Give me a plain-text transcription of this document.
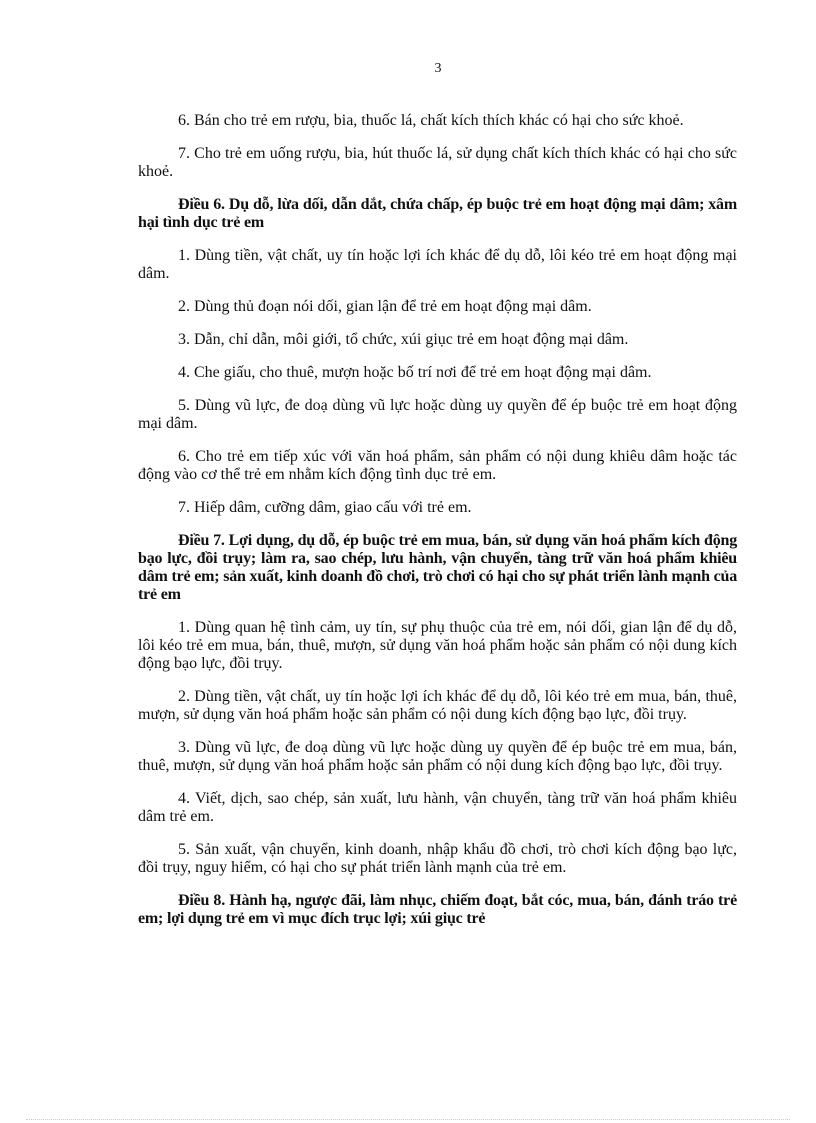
3

6. Bán cho trẻ em rượu, bia, thuốc lá, chất kích thích khác có hại cho sức khoẻ.

7. Cho trẻ em uống rượu, bia, hút thuốc lá, sử dụng chất kích thích khác có hại cho sức khoẻ.

Điều 6. Dụ dỗ, lừa dối, dẫn dắt, chứa chấp, ép buộc trẻ em hoạt động mại dâm; xâm hại tình dục trẻ em

1. Dùng tiền, vật chất, uy tín hoặc lợi ích khác để dụ dỗ, lôi kéo trẻ em hoạt động mại dâm.

2. Dùng thủ đoạn nói dối, gian lận để trẻ em hoạt động mại dâm.

3. Dẫn, chỉ dẫn, môi giới, tổ chức, xúi giục trẻ em hoạt động mại dâm.

4. Che giấu, cho thuê, mượn hoặc bố trí nơi để trẻ em hoạt động mại dâm.

5. Dùng vũ lực, đe doạ dùng vũ lực hoặc dùng uy quyền để ép buộc trẻ em hoạt động mại dâm.

6. Cho trẻ em tiếp xúc với văn hoá phẩm, sản phẩm có nội dung khiêu dâm hoặc tác động vào cơ thể trẻ em nhằm kích động tình dục trẻ em.

7. Hiếp dâm, cưỡng dâm, giao cấu với trẻ em.

Điều 7. Lợi dụng, dụ dỗ, ép buộc trẻ em mua, bán, sử dụng văn hoá phẩm kích động bạo lực, đồi trụy; làm ra, sao chép, lưu hành, vận chuyển, tàng trữ văn hoá phẩm khiêu dâm trẻ em; sản xuất, kinh doanh đồ chơi, trò chơi có hại cho sự phát triển lành mạnh của trẻ em

1. Dùng quan hệ tình cảm, uy tín, sự phụ thuộc của trẻ em, nói dối, gian lận để dụ dỗ, lôi kéo trẻ em mua, bán, thuê, mượn, sử dụng văn hoá phẩm hoặc sản phẩm có nội dung kích động bạo lực, đồi trụy.

2. Dùng tiền, vật chất, uy tín hoặc lợi ích khác để dụ dỗ, lôi kéo trẻ em mua, bán, thuê, mượn, sử dụng văn hoá phẩm hoặc sản phẩm có nội dung kích động bạo lực, đồi trụy.

3. Dùng vũ lực, đe doạ dùng vũ lực hoặc dùng uy quyền để ép buộc trẻ em mua, bán, thuê, mượn, sử dụng văn hoá phẩm hoặc sản phẩm có nội dung kích động bạo lực, đồi trụy.

4. Viết, dịch, sao chép, sản xuất, lưu hành, vận chuyển, tàng trữ văn hoá phẩm khiêu dâm trẻ em.

5. Sản xuất, vận chuyển, kinh doanh, nhập khẩu đồ chơi, trò chơi kích động bạo lực, đồi trụy, nguy hiểm, có hại cho sự phát triển lành mạnh của trẻ em.

Điều 8. Hành hạ, ngược đãi, làm nhục, chiếm đoạt, bắt cóc, mua, bán, đánh tráo trẻ em; lợi dụng trẻ em vì mục đích trục lợi; xúi giục trẻ
